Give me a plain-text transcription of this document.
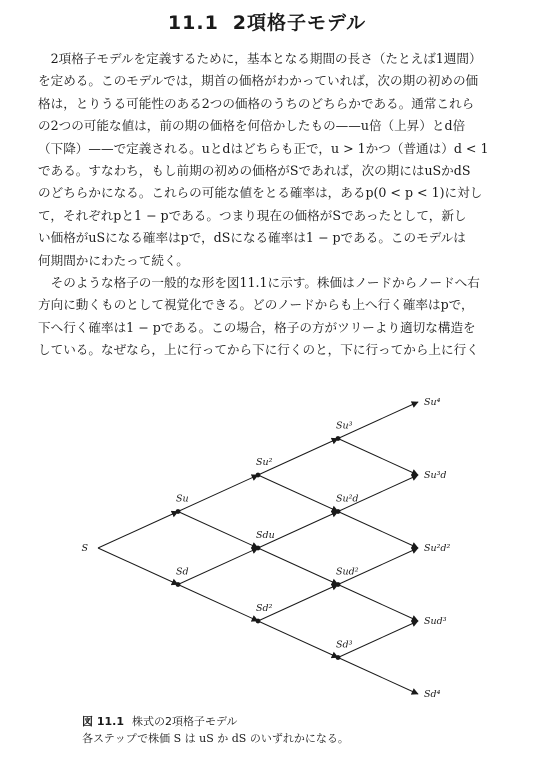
11.1 2項格子モデル
　2項格子モデルを定義するために，基本となる期間の長さ（たとえば1週間）
を定める。このモデルでは，期首の価格がわかっていれば，次の期の初めの価
格は，とりうる可能性のある2つの価格のうちのどちらかである。通常これら
の2つの可能な値は，前の期の価格を何倍かしたもの——u倍（上昇）とd倍
（下降）——で定義される。uとdはどちらも正で，u > 1かつ（普通は）d < 1
である。すなわち，もし前期の初めの価格がSであれば，次の期にはuSかdS
のどちらかになる。これらの可能な値をとる確率は，あるp(0 < p < 1)に対し
て，それぞれpと1 − pである。つまり現在の価格がSであったとして，新し
い価格がuSになる確率はpで，dSになる確率は1 − pである。このモデルは
何期間かにわたって続く。
　そのような格子の一般的な形を図11.1に示す。株価はノードからノードへ右
方向に動くものとして視覚化できる。どのノードからも上へ行く確率はpで，
下へ行く確率は1 − pである。この場合，格子の方がツリーより適切な構造を
している。なぜなら，上に行ってから下に行くのと，下に行ってから上に行く
S
Su
Sd
Su²
Sdu
Sd²
Su³
Su²d
Sud²
Sd³
Su⁴
Su³d
Su²d²
Sud³
Sd⁴
図 11.1 株式の2項格子モデル
各ステップで株価 S は uS か dS のいずれかになる。
